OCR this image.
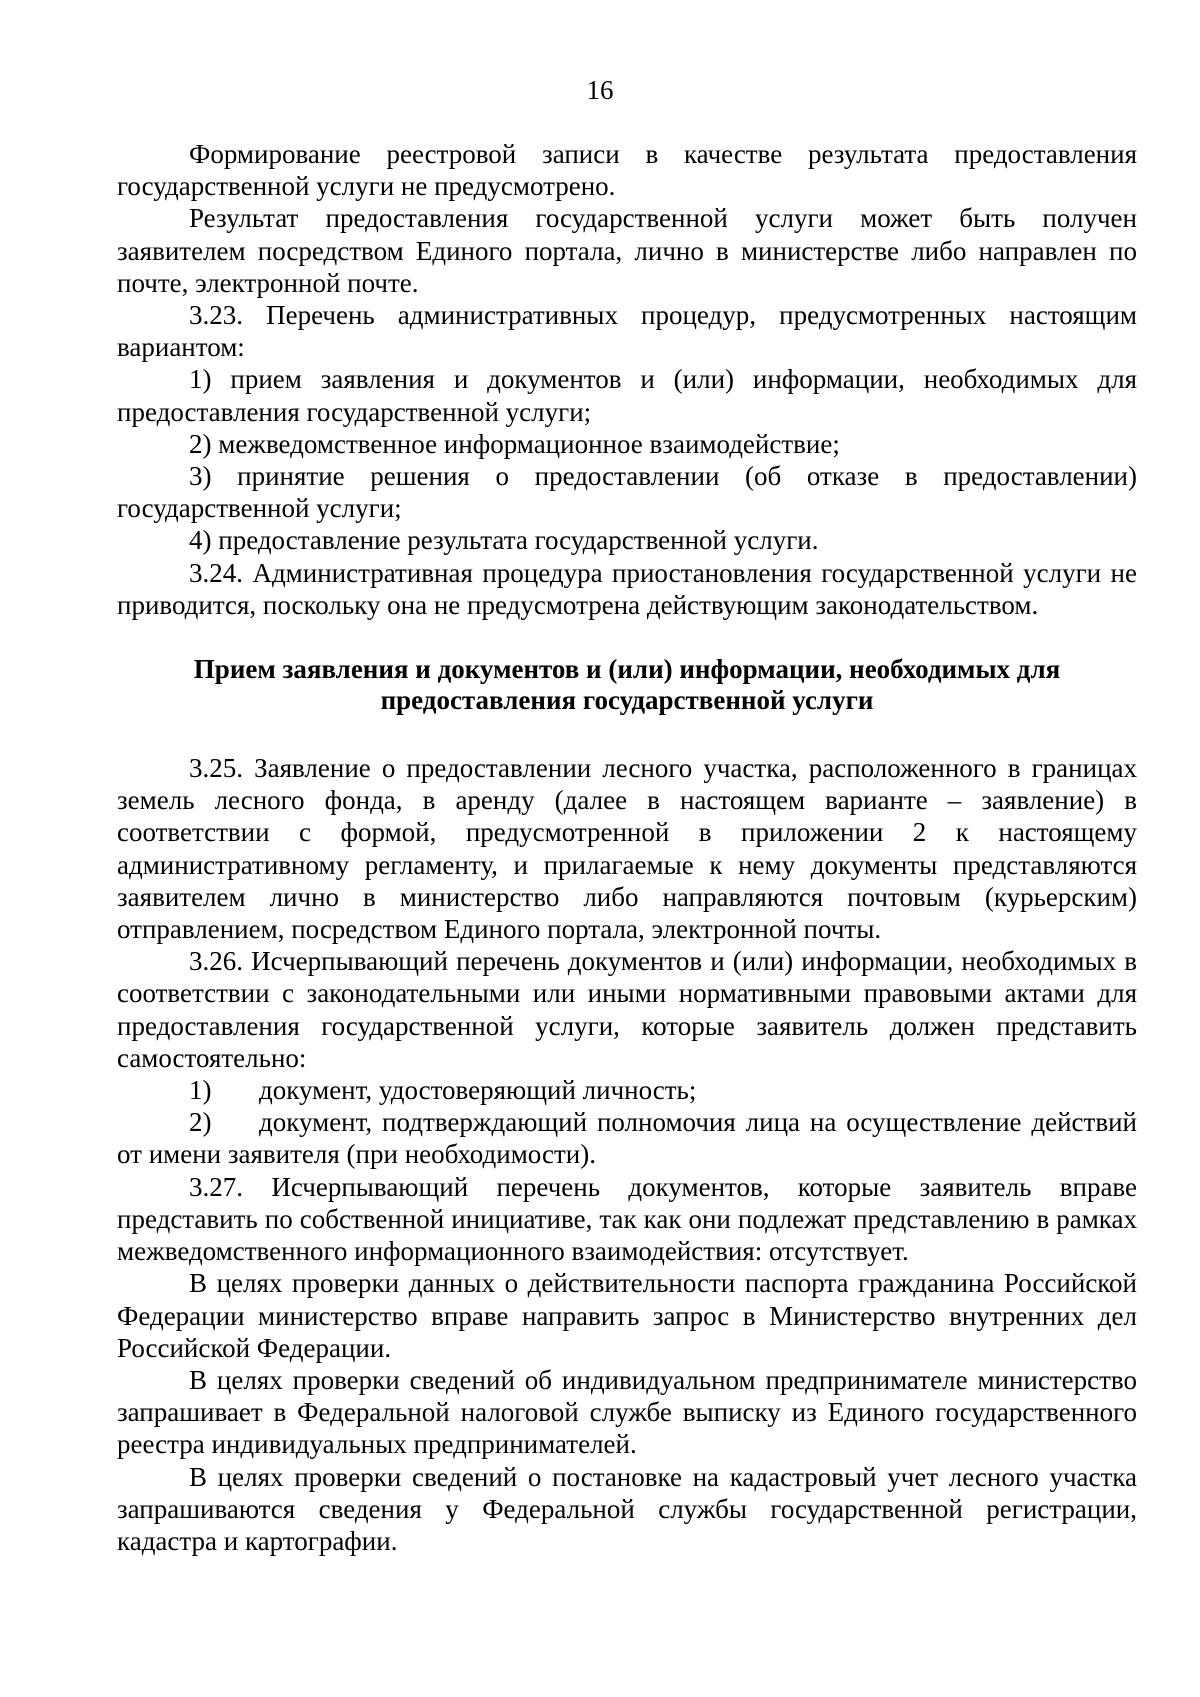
16

Формирование реестровой записи в качестве результата предоставления государственной услуги не предусмотрено.

Результат предоставления государственной услуги может быть получен заявителем посредством Единого портала, лично в министерстве либо направлен по почте, электронной почте.

3.23. Перечень административных процедур, предусмотренных настоящим вариантом:

1) прием заявления и документов и (или) информации, необходимых для предоставления государственной услуги;

2) межведомственное информационное взаимодействие;

3) принятие решения о предоставлении (об отказе в предоставлении) государственной услуги;

4) предоставление результата государственной услуги.

3.24. Административная процедура приостановления государственной услуги не приводится, поскольку она не предусмотрена действующим законодательством.

Прием заявления и документов и (или) информации, необходимых для предоставления государственной услуги

3.25. Заявление о предоставлении лесного участка, расположенного в границах земель лесного фонда, в аренду (далее в настоящем варианте – заявление) в соответствии с формой, предусмотренной в приложении 2 к настоящему административному регламенту, и прилагаемые к нему документы представляются заявителем лично в министерство либо направляются почтовым (курьерским) отправлением, посредством Единого портала, электронной почты.

3.26. Исчерпывающий перечень документов и (или) информации, необходимых в соответствии с законодательными или иными нормативными правовыми актами для предоставления государственной услуги, которые заявитель должен представить самостоятельно:

1) документ, удостоверяющий личность;

2) документ, подтверждающий полномочия лица на осуществление действий от имени заявителя (при необходимости).

3.27. Исчерпывающий перечень документов, которые заявитель вправе представить по собственной инициативе, так как они подлежат представлению в рамках межведомственного информационного взаимодействия: отсутствует.

В целях проверки данных о действительности паспорта гражданина Российской Федерации министерство вправе направить запрос в Министерство внутренних дел Российской Федерации.

В целях проверки сведений об индивидуальном предпринимателе министерство запрашивает в Федеральной налоговой службе выписку из Единого государственного реестра индивидуальных предпринимателей.

В целях проверки сведений о постановке на кадастровый учет лесного участка запрашиваются сведения у Федеральной службы государственной регистрации, кадастра и картографии.
